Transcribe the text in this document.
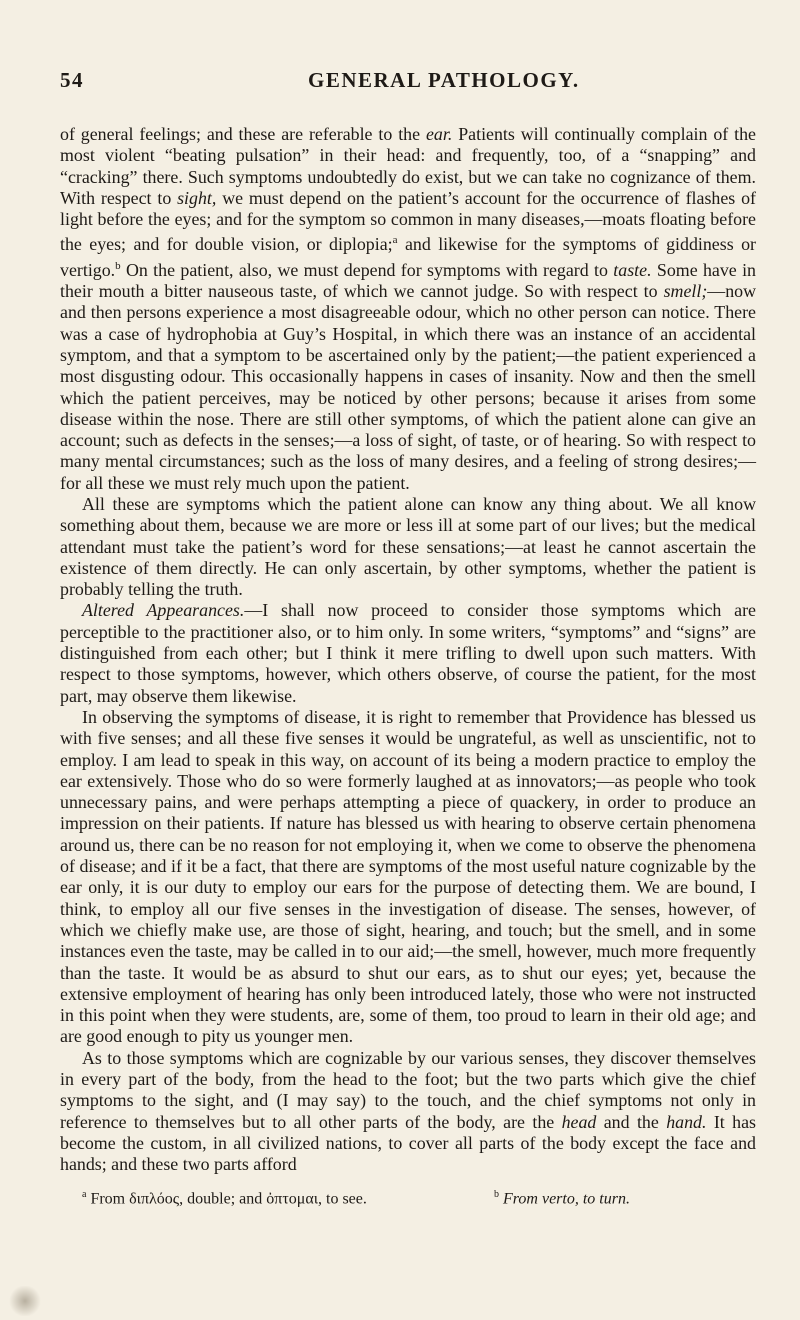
54	GENERAL PATHOLOGY.

of general feelings; and these are referable to the ear. Patients will continually complain of the most violent “beating pulsation” in their head: and frequently, too, of a “snapping” and “cracking” there. Such symptoms undoubtedly do exist, but we can take no cognizance of them. With respect to sight, we must depend on the patient’s account for the occurrence of flashes of light before the eyes; and for the symptom so common in many diseases,—moats floating before the eyes; and for double vision, or diplopia;$^a$ and likewise for the symptoms of giddiness or vertigo.$^b$ On the patient, also, we must depend for symptoms with regard to taste. Some have in their mouth a bitter nauseous taste, of which we cannot judge. So with respect to smell;—now and then persons experience a most disagreeable odour, which no other person can notice. There was a case of hydrophobia at Guy’s Hospital, in which there was an instance of an accidental symptom, and that a symptom to be ascertained only by the patient;—the patient experienced a most disgusting odour. This occasionally happens in cases of insanity. Now and then the smell which the patient perceives, may be noticed by other persons; because it arises from some disease within the nose. There are still other symptoms, of which the patient alone can give an account; such as defects in the senses;—a loss of sight, of taste, or of hearing. So with respect to many mental circumstances; such as the loss of many desires, and a feeling of strong desires;—for all these we must rely much upon the patient.

All these are symptoms which the patient alone can know any thing about. We all know something about them, because we are more or less ill at some part of our lives; but the medical attendant must take the patient’s word for these sensations;—at least he cannot ascertain the existence of them directly. He can only ascertain, by other symptoms, whether the patient is probably telling the truth.

Altered Appearances.—I shall now proceed to consider those symptoms which are perceptible to the practitioner also, or to him only. In some writers, “symptoms” and “signs” are distinguished from each other; but I think it mere trifling to dwell upon such matters. With respect to those symptoms, however, which others observe, of course the patient, for the most part, may observe them likewise.

In observing the symptoms of disease, it is right to remember that Providence has blessed us with five senses; and all these five senses it would be ungrateful, as well as unscientific, not to employ. I am lead to speak in this way, on account of its being a modern practice to employ the ear extensively. Those who do so were formerly laughed at as innovators;—as people who took unnecessary pains, and were perhaps attempting a piece of quackery, in order to produce an impression on their patients. If nature has blessed us with hearing to observe certain phenomena around us, there can be no reason for not employing it, when we come to observe the phenomena of disease; and if it be a fact, that there are symptoms of the most useful nature cognizable by the ear only, it is our duty to employ our ears for the purpose of detecting them. We are bound, I think, to employ all our five senses in the investigation of disease. The senses, however, of which we chiefly make use, are those of sight, hearing, and touch; but the smell, and in some instances even the taste, may be called in to our aid;—the smell, however, much more frequently than the taste. It would be as absurd to shut our ears, as to shut our eyes; yet, because the extensive employment of hearing has only been introduced lately, those who were not instructed in this point when they were students, are, some of them, too proud to learn in their old age; and are good enough to pity us younger men.

As to those symptoms which are cognizable by our various senses, they discover themselves in every part of the body, from the head to the foot; but the two parts which give the chief symptoms to the sight, and (I may say) to the touch, and the chief symptoms not only in reference to themselves but to all other parts of the body, are the head and the hand. It has become the custom, in all civilized nations, to cover all parts of the body except the face and hands; and these two parts afford

$^a$ From διπλόος, double; and ὀπτομαι, to see.	$^b$ From verto, to turn.
